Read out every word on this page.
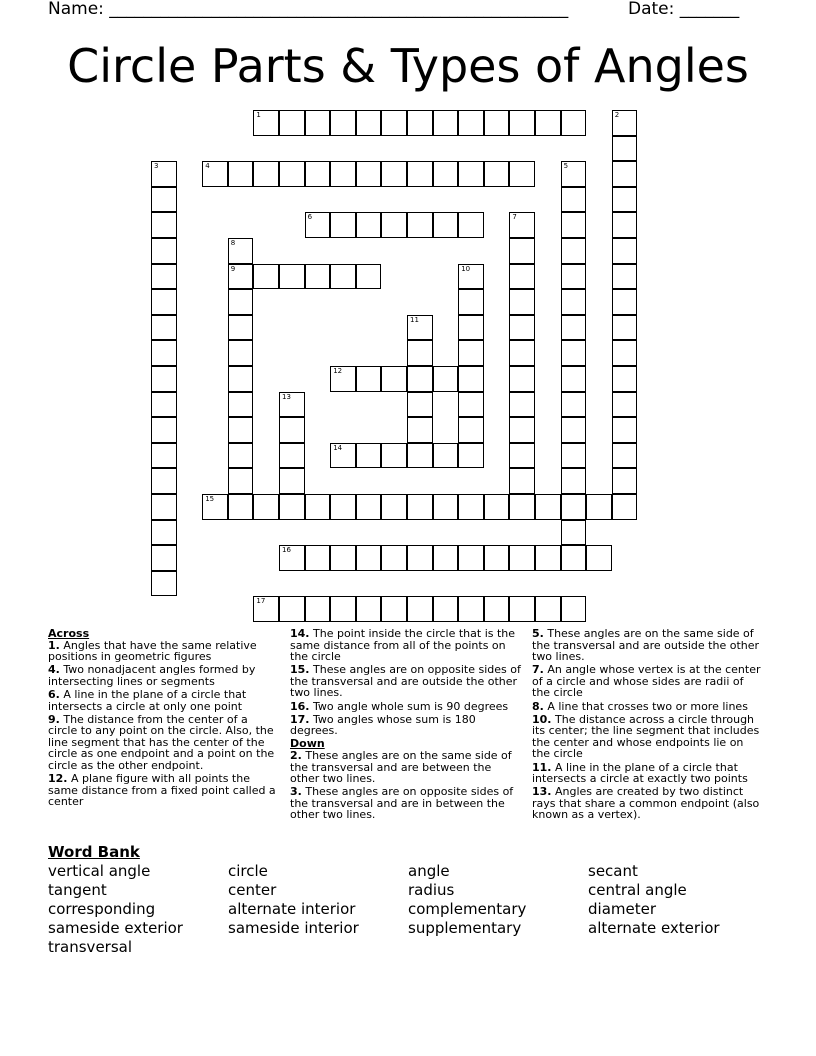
Name: ______________________________________________________	Date: _______
Circle Parts & Types of Angles
1	2
3	4	5
6	7
8
9	10
11
12
13
14
15
16
17
Across
1. Angles that have the same relative positions in geometric figures
4. Two nonadjacent angles formed by intersecting lines or segments
6. A line in the plane of a circle that intersects a circle at only one point
9. The distance from the center of a circle to any point on the circle. Also, the line segment that has the center of the circle as one endpoint and a point on the circle as the other endpoint.
12. A plane figure with all points the same distance from a fixed point called a center
14. The point inside the circle that is the same distance from all of the points on the circle
15. These angles are on opposite sides of the transversal and are outside the other two lines.
16. Two angle whole sum is 90 degrees
17. Two angles whose sum is 180 degrees.
Down
2. These angles are on the same side of the transversal and are between the other two lines.
3. These angles are on opposite sides of the transversal and are in between the other two lines.
5. These angles are on the same side of the transversal and are outside the other two lines.
7. An angle whose vertex is at the center of a circle and whose sides are radii of the circle
8. A line that crosses two or more lines
10. The distance across a circle through its center; the line segment that includes the center and whose endpoints lie on the circle
11. A line in the plane of a circle that intersects a circle at exactly two points
13. Angles are created by two distinct rays that share a common endpoint (also known as a vertex).
Word Bank
vertical angle	circle	angle	secant
tangent	center	radius	central angle
corresponding	alternate interior	complementary	diameter
sameside exterior	sameside interior	supplementary	alternate exterior
transversal
